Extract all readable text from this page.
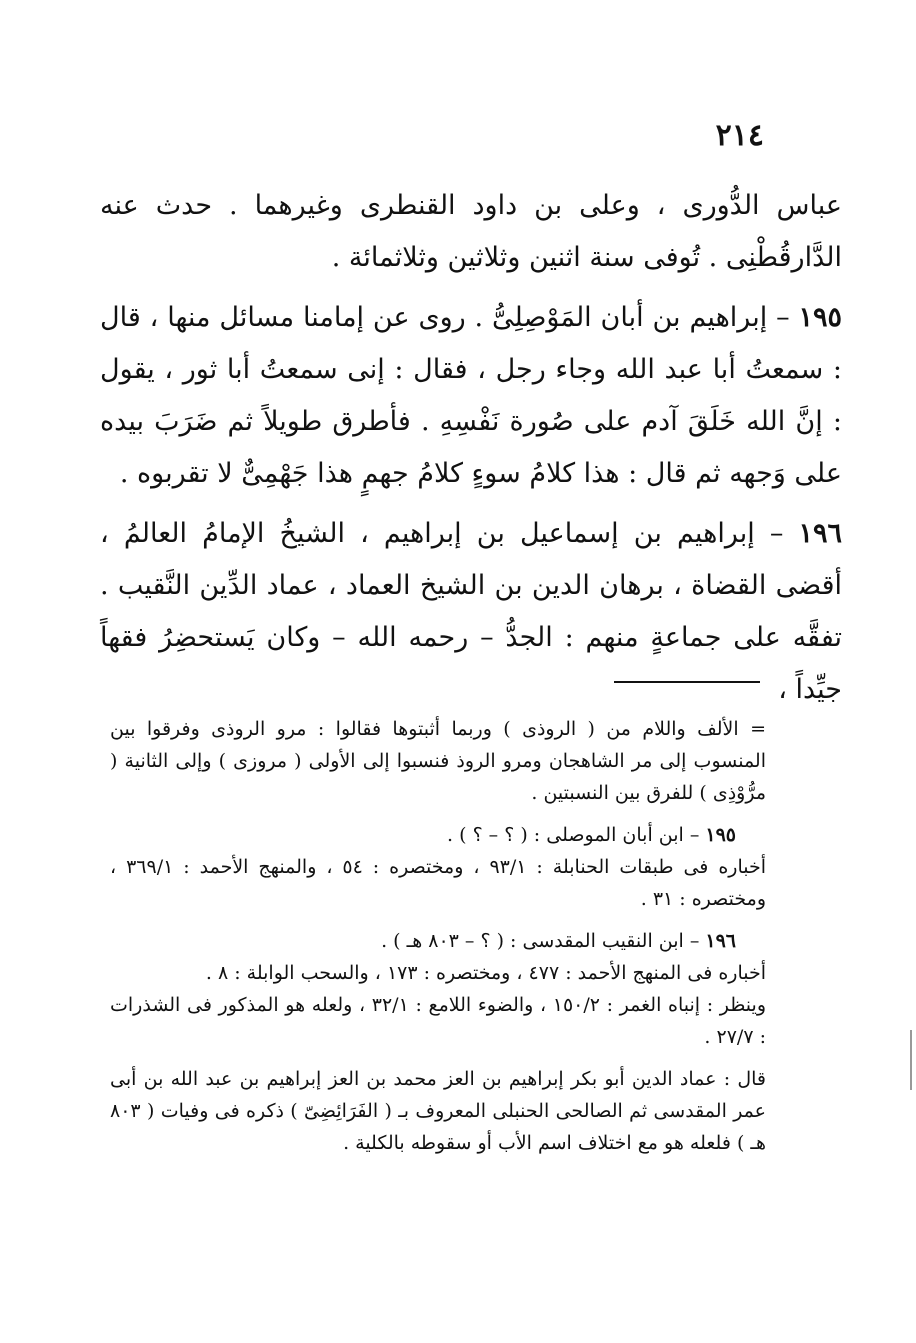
٢١٤

عباس الدُّورى ، وعلى بن داود القنطرى وغيرهما . حدث عنه الدَّارقُطْنِى . تُوفى سنة اثنين وثلاثين وثلاثمائة .

١٩٥ – إبراهيم بن أبان المَوْصِلِىُّ . روى عن إمامنا مسائل منها ، قال : سمعتُ أبا عبد الله وجاء رجل ، فقال : إنى سمعتُ أبا ثور ، يقول : إنَّ الله خَلَقَ آدم على صُورة نَفْسِهِ . فأطرق طويلاً ثم ضَرَبَ بيده على وَجهه ثم قال : هذا كلامُ سوءٍ كلامُ جهمٍ هذا جَهْمِىٌّ لا تقربوه .

١٩٦ – إبراهيم بن إسماعيل بن إبراهيم ، الشيخُ الإمامُ العالمُ ، أقضى القضاة ، برهان الدين بن الشيخ العماد ، عماد الدِّين النَّقيب . تفقَّه على جماعةٍ منهم : الجدُّ – رحمه الله – وكان يَستحضِرُ فقهاً جيِّداً ،

= الألف واللام من ( الروذى ) وربما أثبتوها فقالوا : مرو الروذى وفرقوا بين المنسوب إلى مر الشاهجان ومرو الروذ فنسبوا إلى الأولى ( مروزى ) وإلى الثانية ( مرُّوْذِى ) للفرق بين النسبتين .

١٩٥ – ابن أبان الموصلى : ( ؟ – ؟ ) .

أخباره فى طبقات الحنابلة : ٩٣/١ ، ومختصره : ٥٤ ، والمنهج الأحمد : ٣٦٩/١ ، ومختصره : ٣١ .

١٩٦ – ابن النقيب المقدسى : ( ؟ – ٨٠٣ هـ ) .

أخباره فى المنهج الأحمد : ٤٧٧ ، ومختصره : ١٧٣ ، والسحب الوابلة : ٨ .

وينظر : إنباه الغمر : ١٥٠/٢ ، والضوء اللامع : ٣٢/١ ، ولعله هو المذكور فى الشذرات : ٢٧/٧ .

قال : عماد الدين أبو بكر إبراهيم بن العز محمد بن العز إبراهيم بن عبد الله بن أبى عمر المقدسى ثم الصالحى الحنبلى المعروف بـ ( الفَرَائِضِىّ ) ذكره فى وفيات ( ٨٠٣ هـ ) فلعله هو مع اختلاف اسم الأب أو سقوطه بالكلية .
